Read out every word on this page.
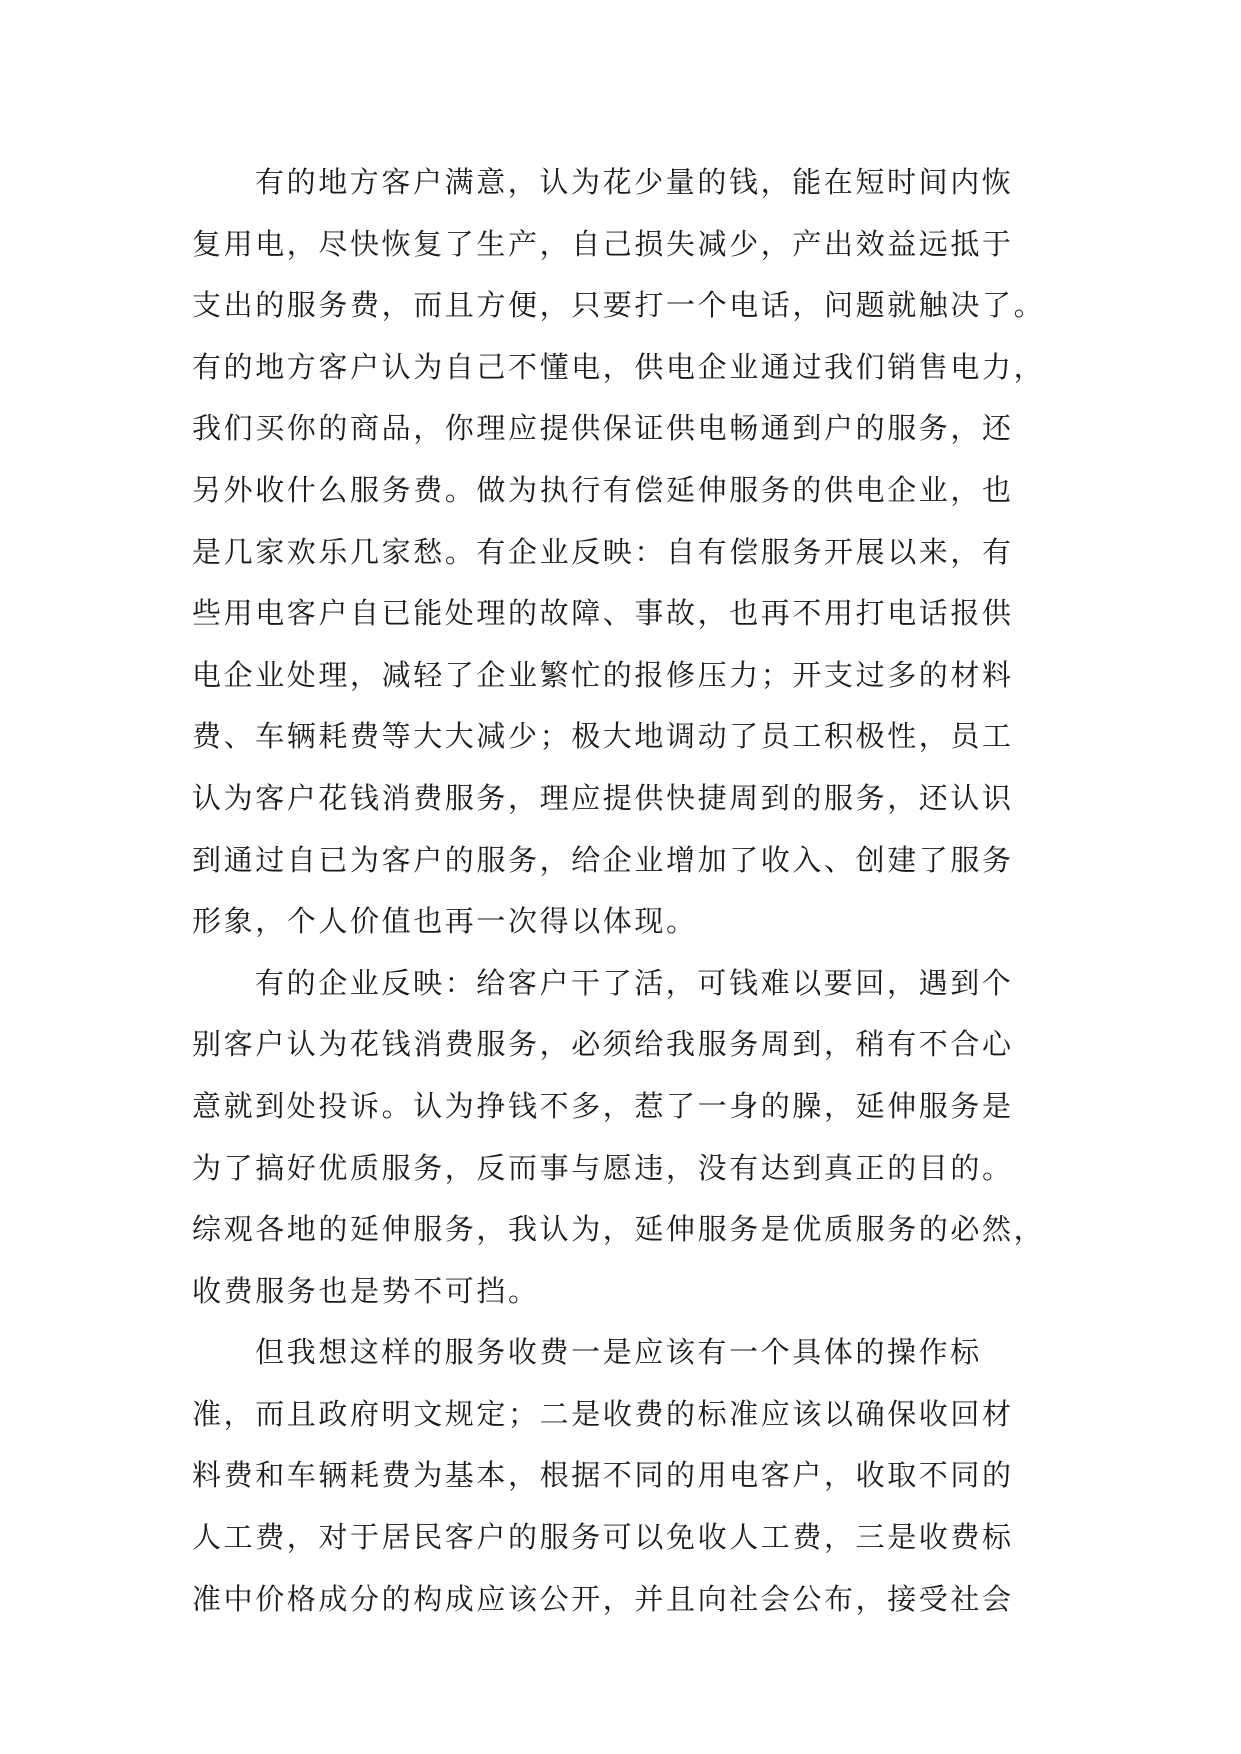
有的地方客户满意，认为花少量的钱，能在短时间内恢
复用电，尽快恢复了生产，自己损失减少，产出效益远抵于
支出的服务费，而且方便，只要打一个电话，问题就触决了。
有的地方客户认为自己不懂电，供电企业通过我们销售电力，
我们买你的商品，你理应提供保证供电畅通到户的服务，还
另外收什么服务费。做为执行有偿延伸服务的供电企业，也
是几家欢乐几家愁。有企业反映：自有偿服务开展以来，有
些用电客户自已能处理的故障、事故，也再不用打电话报供
电企业处理，减轻了企业繁忙的报修压力；开支过多的材料
费、车辆耗费等大大减少；极大地调动了员工积极性，员工
认为客户花钱消费服务，理应提供快捷周到的服务，还认识
到通过自已为客户的服务，给企业增加了收入、创建了服务
形象，个人价值也再一次得以体现。
有的企业反映：给客户干了活，可钱难以要回，遇到个
别客户认为花钱消费服务，必须给我服务周到，稍有不合心
意就到处投诉。认为挣钱不多，惹了一身的臊，延伸服务是
为了搞好优质服务，反而事与愿违，没有达到真正的目的。
综观各地的延伸服务，我认为，延伸服务是优质服务的必然，
收费服务也是势不可挡。
但我想这样的服务收费一是应该有一个具体的操作标
准，而且政府明文规定；二是收费的标准应该以确保收回材
料费和车辆耗费为基本，根据不同的用电客户，收取不同的
人工费，对于居民客户的服务可以免收人工费，三是收费标
准中价格成分的构成应该公开，并且向社会公布，接受社会
